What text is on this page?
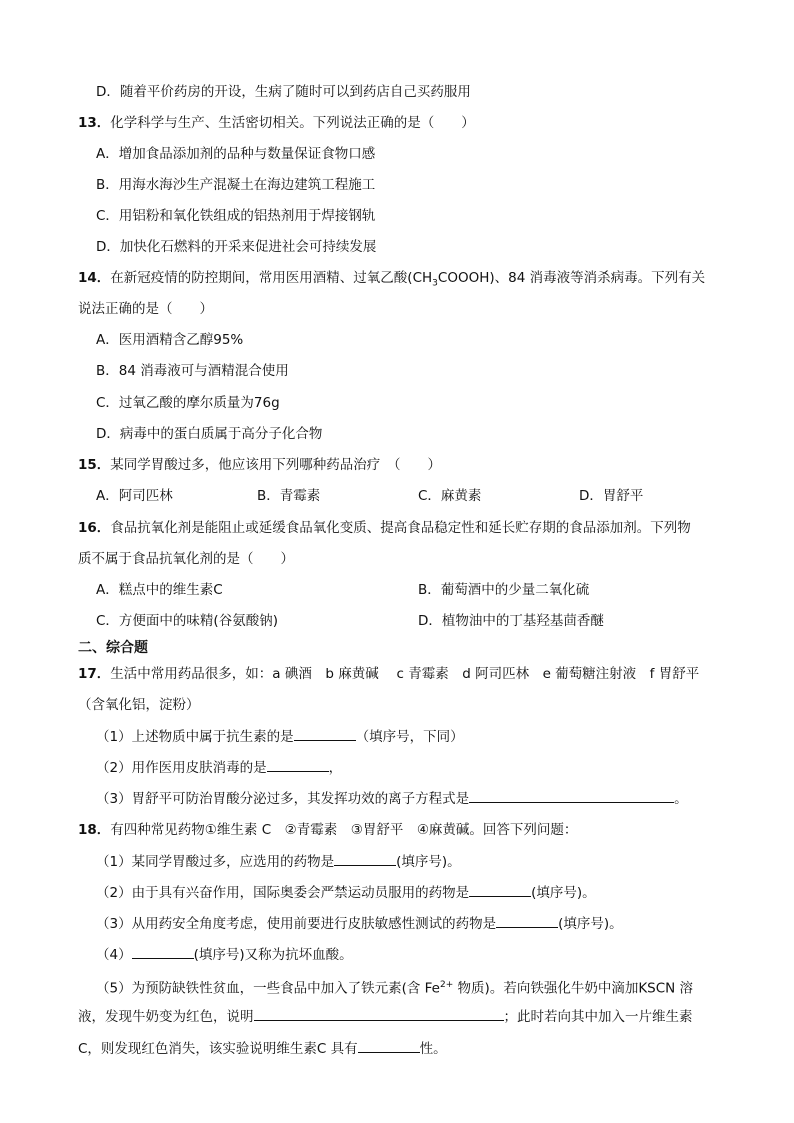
D．随着平价药房的开设，生病了随时可以到药店自己买药服用
13．化学科学与生产、生活密切相关。下列说法正确的是（　　）
A．增加食品添加剂的品种与数量保证食物口感
B．用海水海沙生产混凝土在海边建筑工程施工
C．用铝粉和氧化铁组成的铝热剂用于焊接钢轨
D．加快化石燃料的开采来促进社会可持续发展
14．在新冠疫情的防控期间，常用医用酒精、过氧乙酸$(CH_3COOOH)$、84 消毒液等消杀病毒。下列有关
说法正确的是（　　）
A．医用酒精含乙醇95%
B．84 消毒液可与酒精混合使用
C．过氧乙酸的摩尔质量为76g
D．病毒中的蛋白质属于高分子化合物
15．某同学胃酸过多，他应该用下列哪种药品治疗　（　　）
A．阿司匹林	B．青霉素	C．麻黄素	D．胃舒平
16．食品抗氧化剂是能阻止或延缓食品氧化变质、提高食品稳定性和延长贮存期的食品添加剂。下列物
质不属于食品抗氧化剂的是（　　）
A．糕点中的维生素C	B．葡萄酒中的少量二氧化硫
C．方便面中的味精(谷氨酸钠)	D．植物油中的丁基羟基茴香醚
二、综合题
17．生活中常用药品很多，如：a 碘酒　b 麻黄碱　 c 青霉素　d 阿司匹林　e 葡萄糖注射液　f 胃舒平
（含氧化铝，淀粉）
（1）上述物质中属于抗生素的是	（填序号，下同）
（2）用作医用皮肤消毒的是	，
（3）胃舒平可防治胃酸分泌过多，其发挥功效的离子方程式是	。
18．有四种常见药物①维生素 C　②青霉素　③胃舒平　④麻黄碱。回答下列问题：
（1）某同学胃酸过多，应选用的药物是	(填序号)。
（2）由于具有兴奋作用，国际奥委会严禁运动员服用的药物是	(填序号)。
（3）从用药安全角度考虑，使用前要进行皮肤敏感性测试的药物是	(填序号)。
（4）	(填序号)又称为抗坏血酸。
（5）为预防缺铁性贫血，一些食品中加入了铁元素(含 $Fe^{2+}$ 物质)。若向铁强化牛奶中滴加KSCN 溶
液，发现牛奶变为红色，说明	；此时若向其中加入一片维生素
C，则发现红色消失，该实验说明维生素C 具有	性。
